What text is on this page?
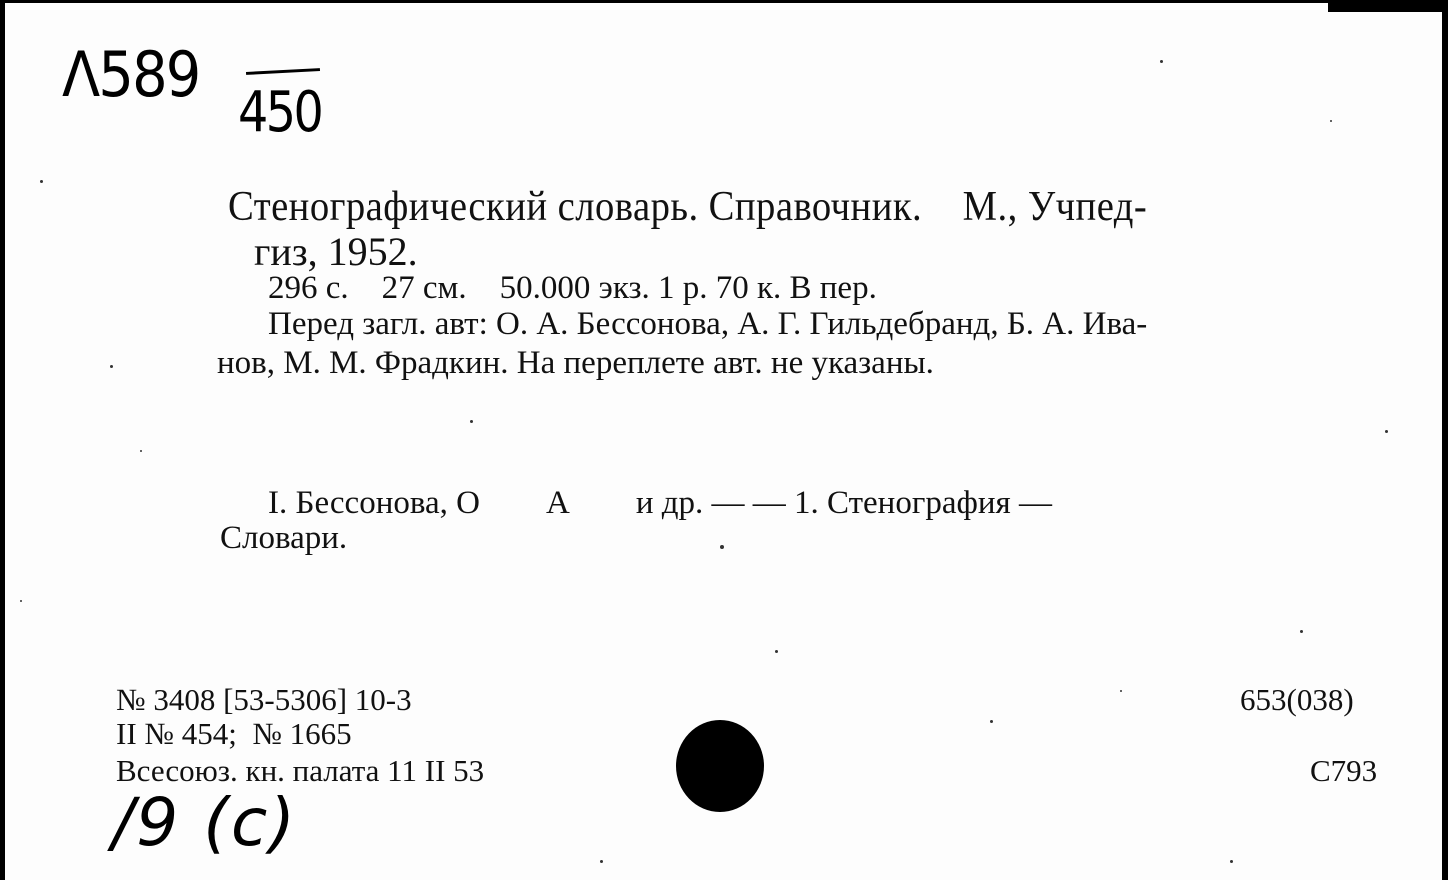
Λ589
450
Стенографический словарь. Справочник.    М., Учпед-
гиз, 1952.
296 с.    27 см.    50.000 экз. 1 р. 70 к. В пер.
Перед загл. авт: О. А. Бессонова, А. Г. Гильдебранд, Б. А. Ива-
нов, М. М. Фрадкин. На переплете авт. не указаны.
I. Бессонова, О        А        и др. — — 1. Стенография —
Словари.
№ 3408 [53-5306] 10-3
II № 454;  № 1665
Всесоюз. кн. палата 11 II 53
653(038)
С793
/9 (с)
